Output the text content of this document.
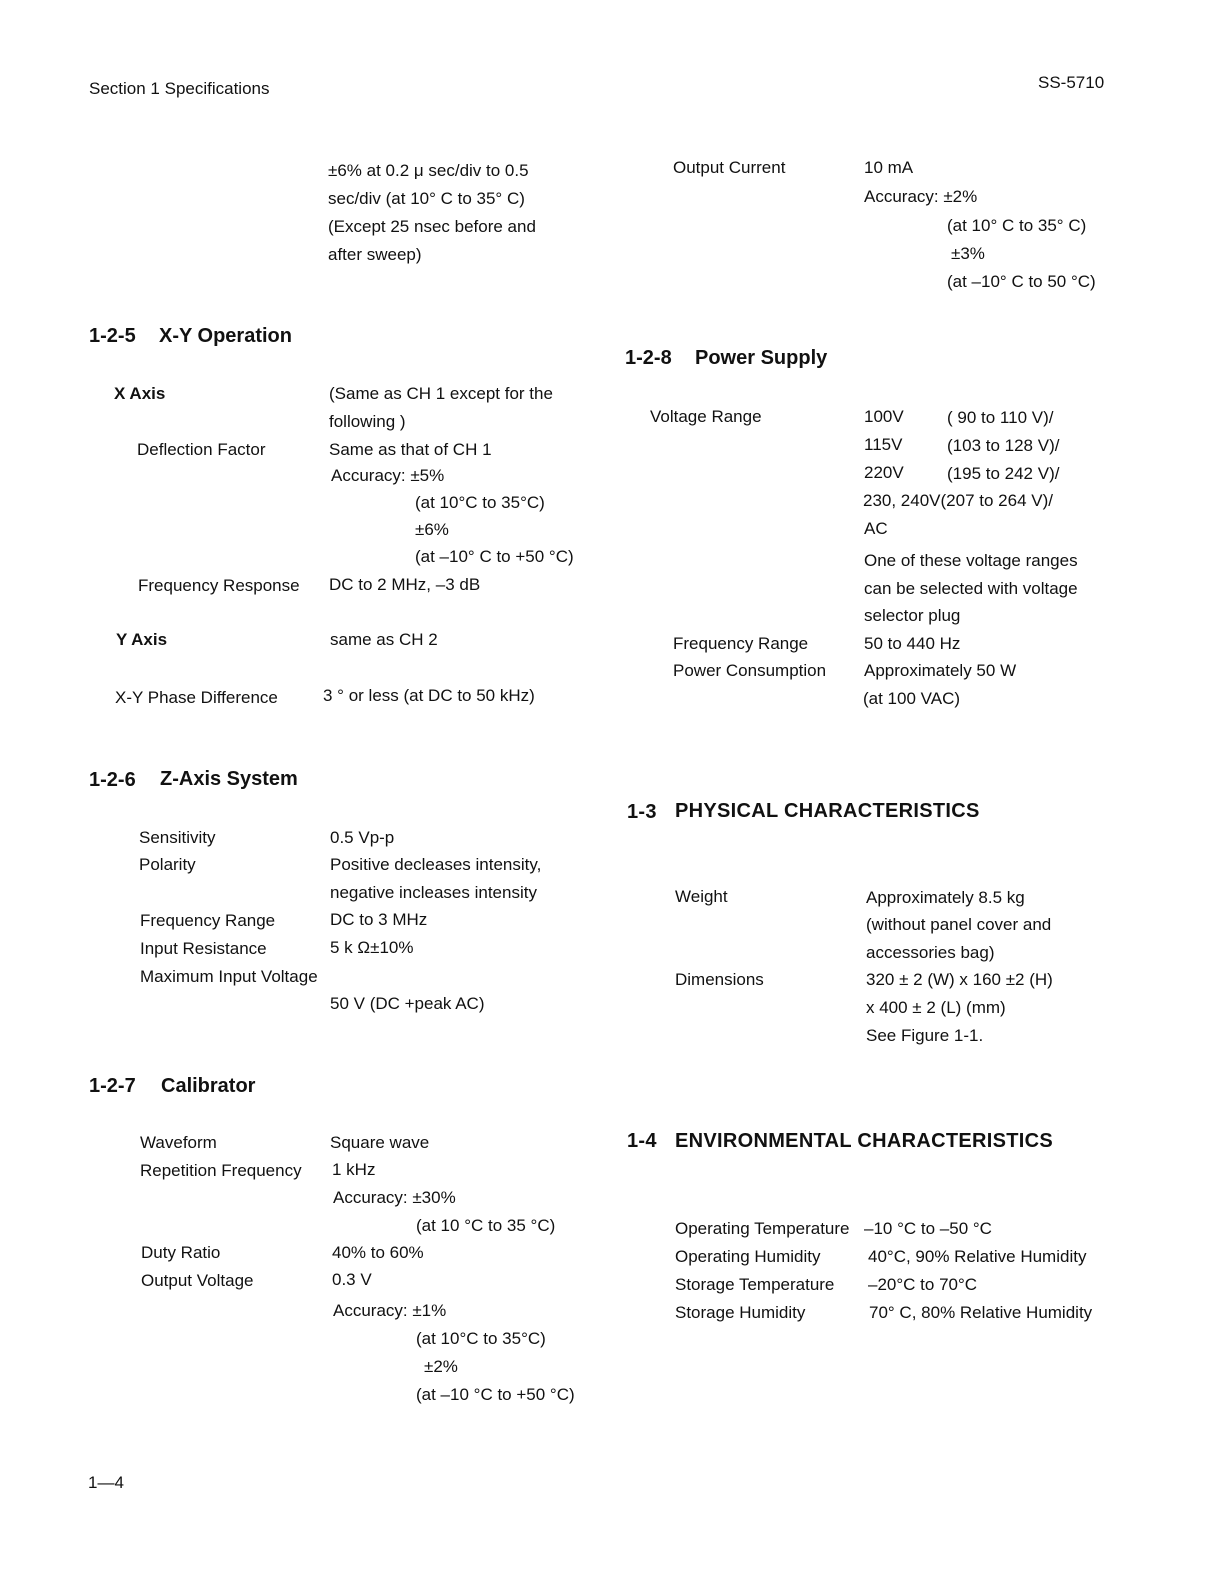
Section 1 Specifications	SS-5710
±6% at 0.2 μ sec/div to 0.5
sec/div (at 10° C to 35° C)
(Except 25 nsec before and
after sweep)
1-2-5 X-Y Operation
X Axis	(Same as CH 1 except for the
following )
Deflection Factor	Same as that of CH 1
Accuracy: ±5%
(at 10°C to 35°C)
±6%
(at –10° C to +50 °C)
Frequency Response DC to 2 MHz, –3 dB
Y Axis	same as CH 2
X-Y Phase Difference	3 ° or less (at DC to 50 kHz)
1-2-6 Z-Axis System
Sensitivity	0.5 Vp-p
Polarity	Positive decleases intensity,
negative incleases intensity
Frequency Range	DC to 3 MHz
Input Resistance	5 k Ω±10%
Maximum Input Voltage
50 V (DC +peak AC)
1-2-7 Calibrator
Waveform	Square wave
Repetition Frequency 1 kHz
Accuracy: ±30%
(at 10 °C to 35 °C)
Duty Ratio	40% to 60%
Output Voltage	0.3 V
Accuracy: ±1%
(at 10°C to 35°C)
±2%
(at –10 °C to +50 °C)
Output Current	10 mA
Accuracy: ±2%
(at 10° C to 35° C)
±3%
(at –10° C to 50 °C)
1-2-8 Power Supply
Voltage Range	100V	( 90 to 110 V)/
115V	(103 to 128 V)/
220V	(195 to 242 V)/
230, 240V(207 to 264 V)/
AC
One of these voltage ranges
can be selected with voltage
selector plug
Frequency Range	50 to 440 Hz
Power Consumption Approximately 50 W
(at 100 VAC)
1-3 PHYSICAL CHARACTERISTICS
Weight	Approximately 8.5 kg
(without panel cover and
accessories bag)
Dimensions	320 ± 2 (W) x 160 ±2 (H)
x 400 ± 2 (L) (mm)
See Figure 1-1.
1-4 ENVIRONMENTAL CHARACTERISTICS
Operating Temperature –10 °C to –50 °C
Operating Humidity	40°C, 90% Relative Humidity
Storage Temperature –20°C to 70°C
Storage Humidity	70° C, 80% Relative Humidity
1—4
